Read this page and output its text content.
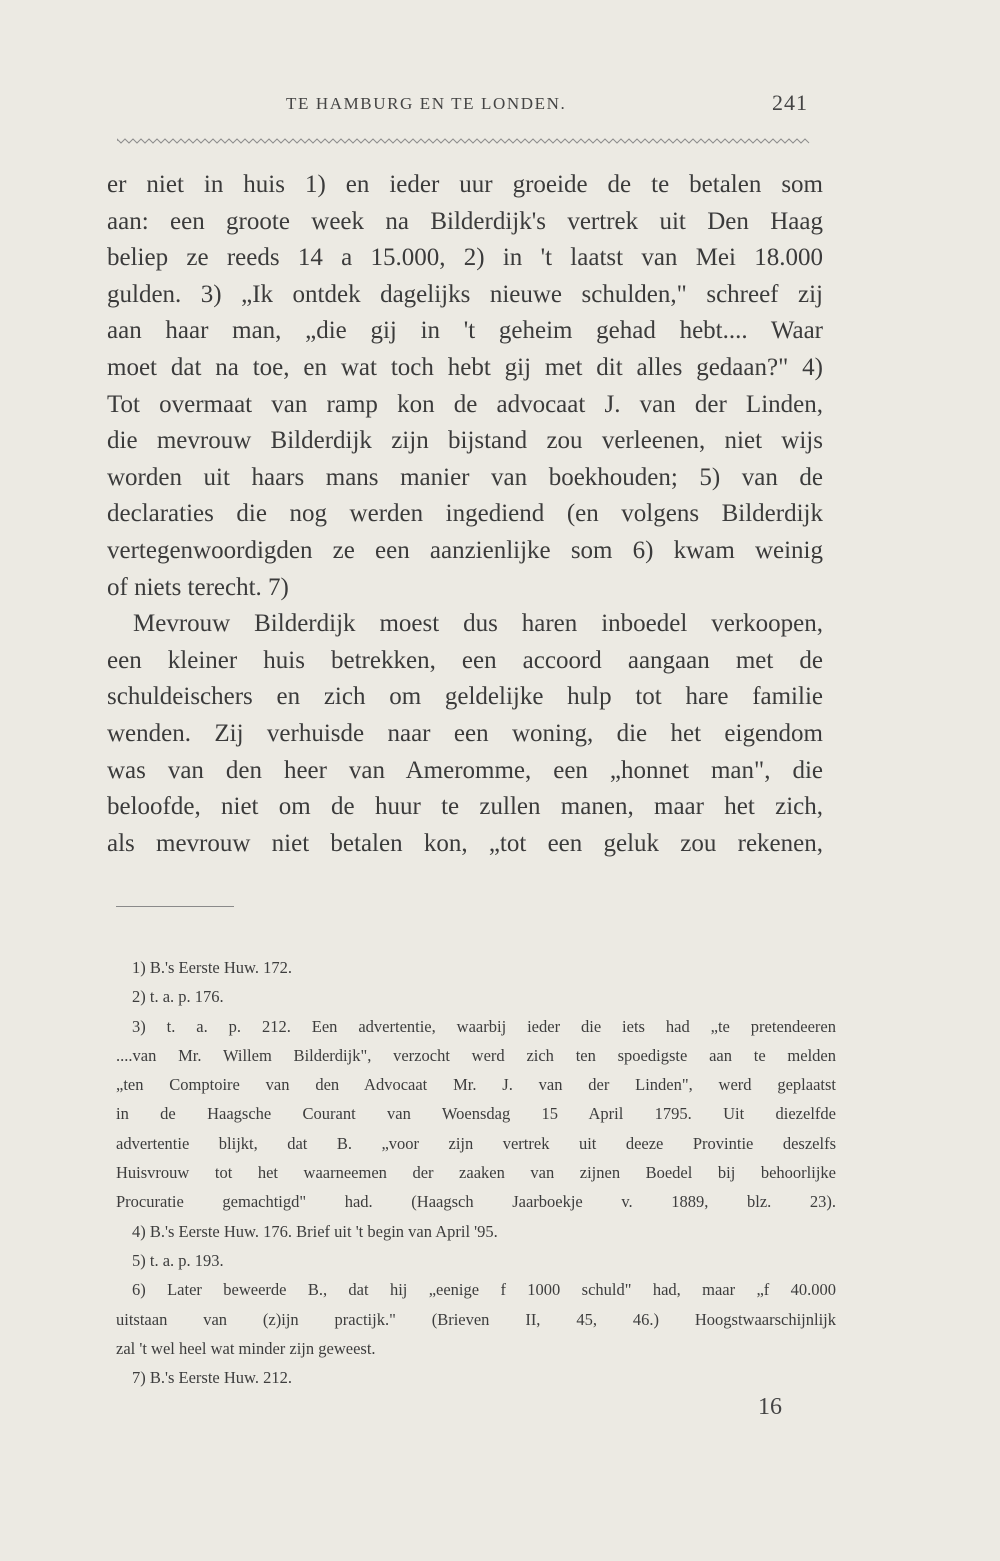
TE HAMBURG EN TE LONDEN.	241
er niet in huis 1) en ieder uur groeide de te betalen som
aan: een groote week na Bilderdijk's vertrek uit Den Haag
beliep ze reeds 14 a 15.000, 2) in 't laatst van Mei 18.000
gulden. 3) „Ik ontdek dagelijks nieuwe schulden," schreef zij
aan haar man, „die gij in 't geheim gehad hebt.... Waar
moet dat na toe, en wat toch hebt gij met dit alles gedaan?" 4)
Tot overmaat van ramp kon de advocaat J. van der Linden,
die mevrouw Bilderdijk zijn bijstand zou verleenen, niet wijs
worden uit haars mans manier van boekhouden; 5) van de
declaraties die nog werden ingediend (en volgens Bilderdijk
vertegenwoordigden ze een aanzienlijke som 6) kwam weinig
of niets terecht. 7)
Mevrouw Bilderdijk moest dus haren inboedel verkoopen,
een kleiner huis betrekken, een accoord aangaan met de
schuldeischers en zich om geldelijke hulp tot hare familie
wenden. Zij verhuisde naar een woning, die het eigendom
was van den heer van Ameromme, een „honnet man", die
beloofde, niet om de huur te zullen manen, maar het zich,
als mevrouw niet betalen kon, „tot een geluk zou rekenen,
1) B.'s Eerste Huw. 172.
2) t. a. p. 176.
3) t. a. p. 212. Een advertentie, waarbij ieder die iets had „te pretendeeren
....van Mr. Willem Bilderdijk", verzocht werd zich ten spoedigste aan te melden
„ten Comptoire van den Advocaat Mr. J. van der Linden", werd geplaatst
in de Haagsche Courant van Woensdag 15 April 1795. Uit diezelfde
advertentie blijkt, dat B. „voor zijn vertrek uit deeze Provintie deszelfs
Huisvrouw tot het waarneemen der zaaken van zijnen Boedel bij behoorlijke
Procuratie gemachtigd" had. (Haagsch Jaarboekje v. 1889, blz. 23).
4) B.'s Eerste Huw. 176. Brief uit 't begin van April '95.
5) t. a. p. 193.
6) Later beweerde B., dat hij „eenige f 1000 schuld" had, maar „f 40.000
uitstaan van (z)ijn practijk." (Brieven II, 45, 46.) Hoogstwaarschijnlijk
zal 't wel heel wat minder zijn geweest.
7) B.'s Eerste Huw. 212.
16
